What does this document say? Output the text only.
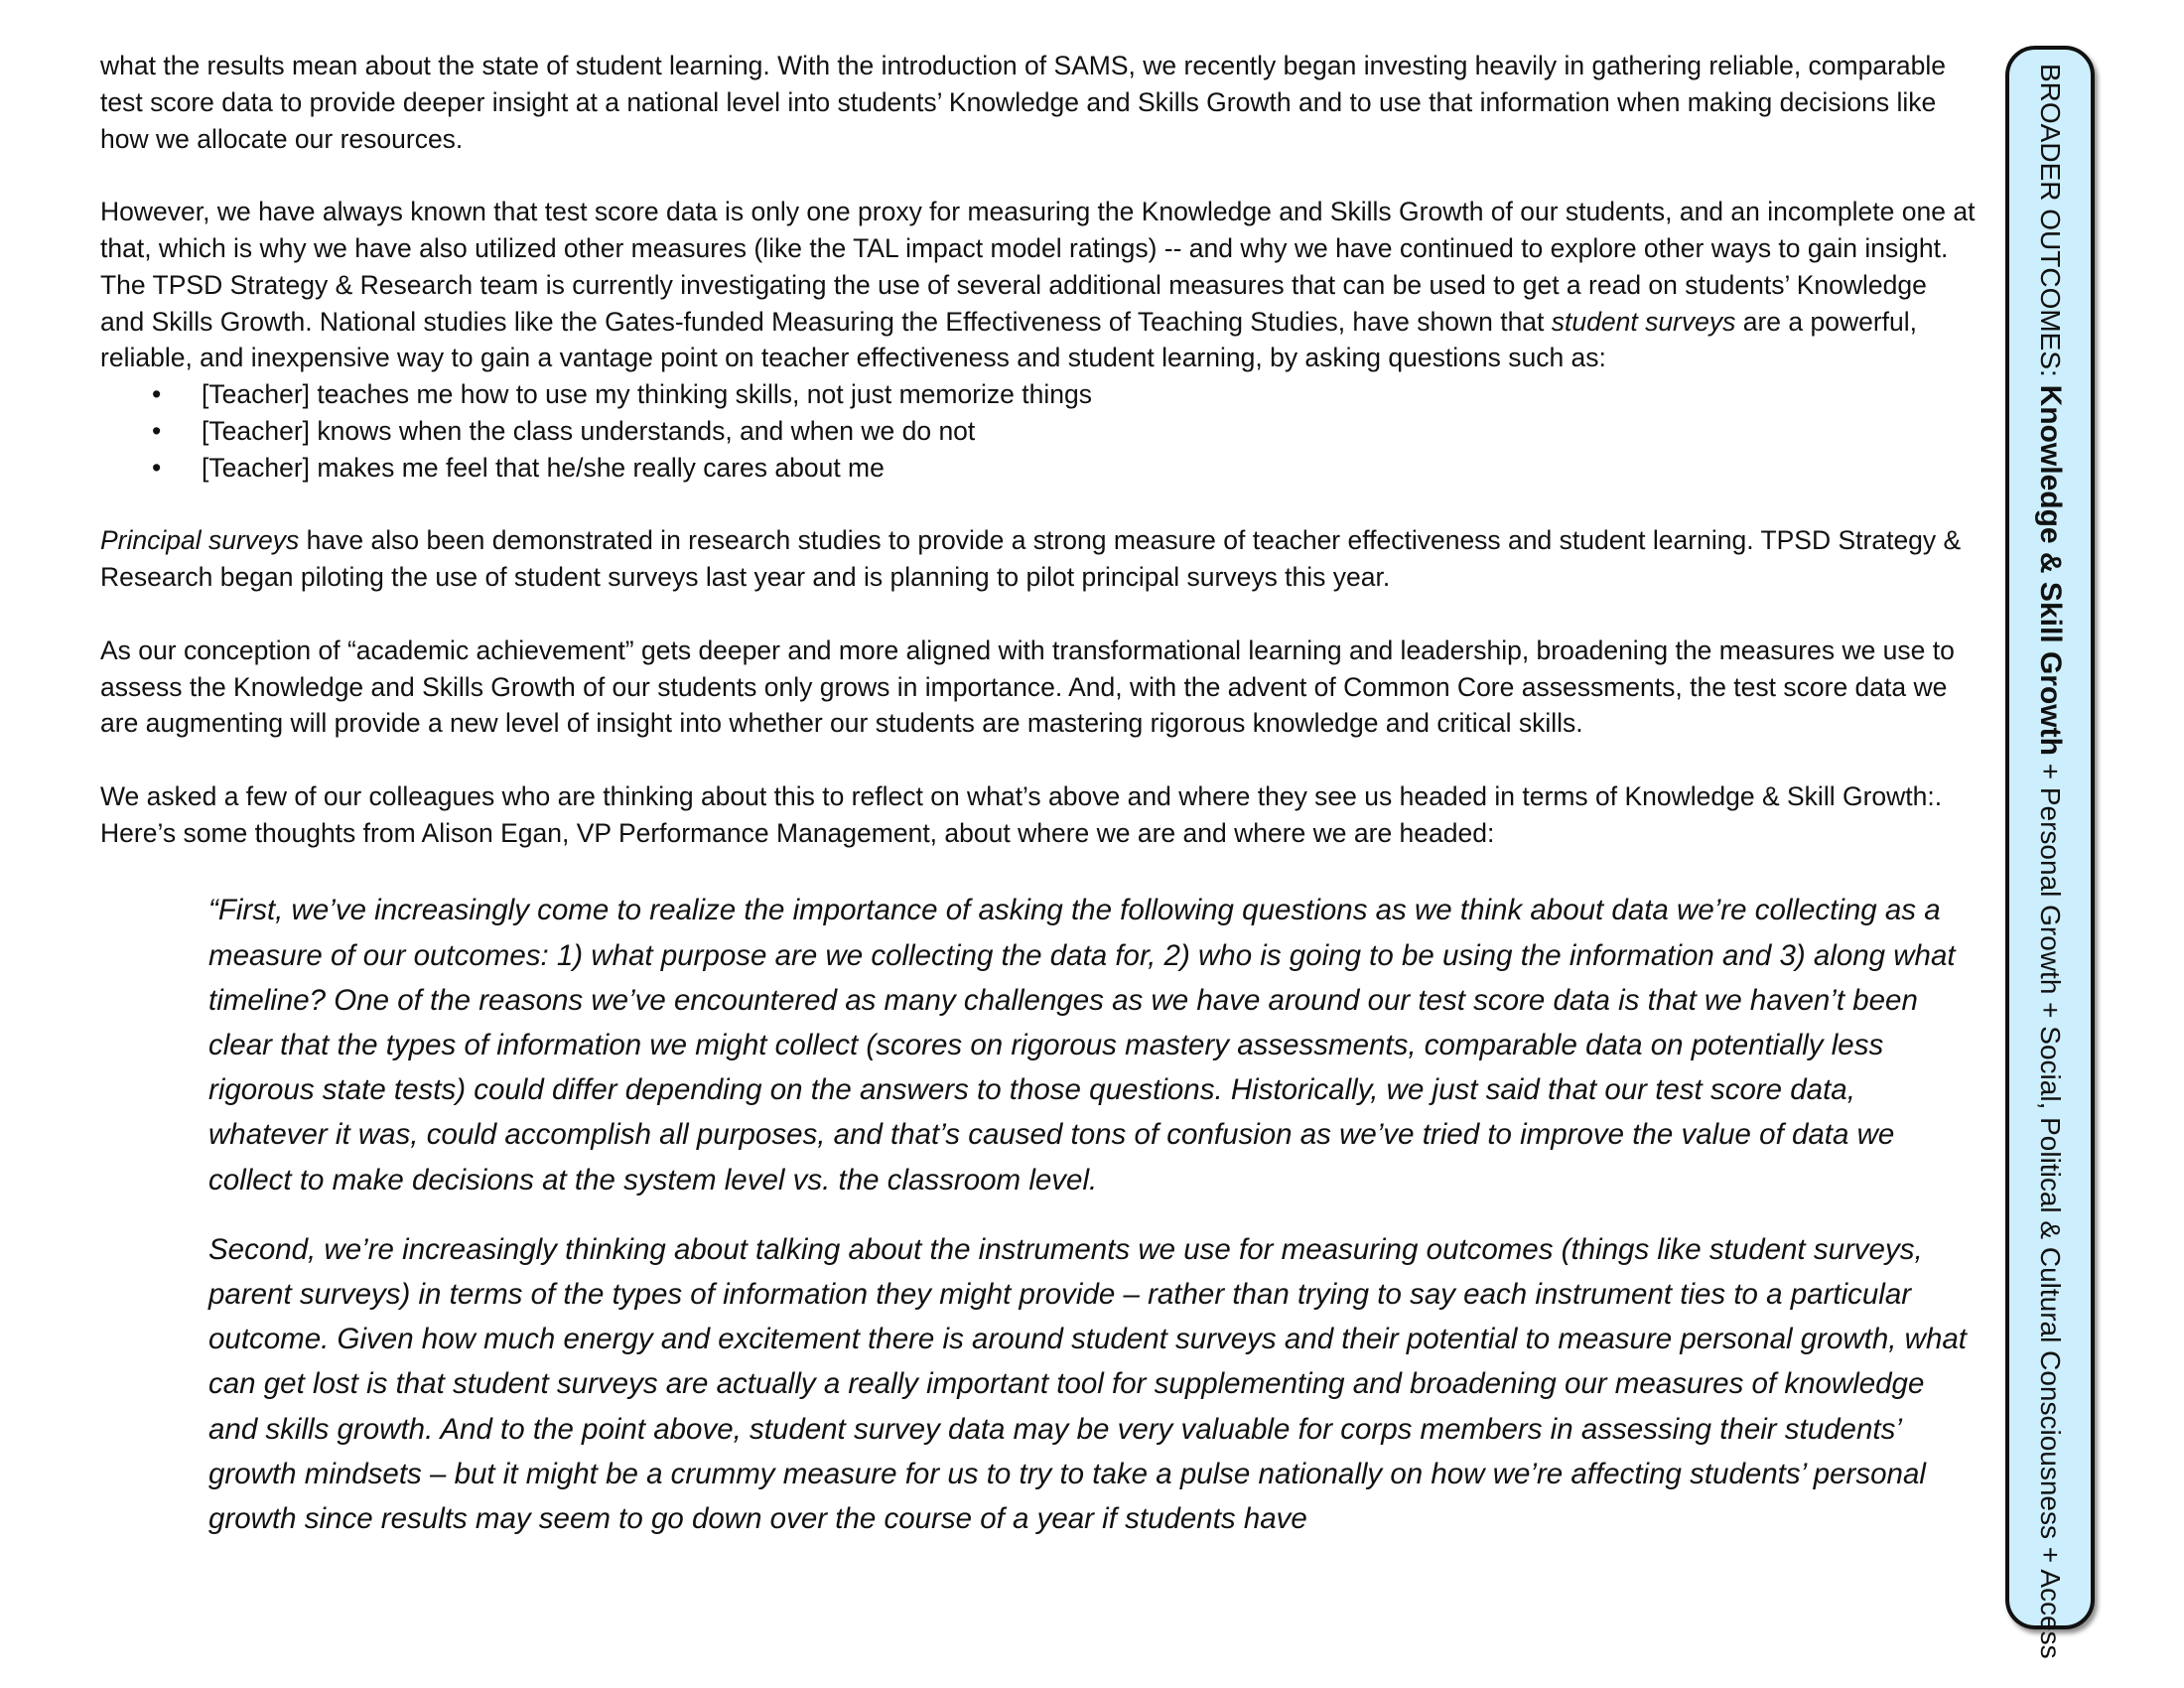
what the results mean about the state of student learning. With the introduction of SAMS, we recently began investing heavily in gathering reliable, comparable test score data to provide deeper insight at a national level into students’ Knowledge and Skills Growth and to use that information when making decisions like how we allocate our resources.

However, we have always known that test score data is only one proxy for measuring the Knowledge and Skills Growth of our students, and an incomplete one at that, which is why we have also utilized other measures (like the TAL impact model ratings) -- and why we have continued to explore other ways to gain insight. The TPSD Strategy & Research team is currently investigating the use of several additional measures that can be used to get a read on students’ Knowledge and Skills Growth. National studies like the Gates-funded Measuring the Effectiveness of Teaching Studies, have shown that student surveys are a powerful, reliable, and inexpensive way to gain a vantage point on teacher effectiveness and student learning, by asking questions such as:

• [Teacher] teaches me how to use my thinking skills, not just memorize things
• [Teacher] knows when the class understands, and when we do not
• [Teacher] makes me feel that he/she really cares about me

Principal surveys have also been demonstrated in research studies to provide a strong measure of teacher effectiveness and student learning. TPSD Strategy & Research began piloting the use of student surveys last year and is planning to pilot principal surveys this year.

As our conception of “academic achievement” gets deeper and more aligned with transformational learning and leadership, broadening the measures we use to assess the Knowledge and Skills Growth of our students only grows in importance. And, with the advent of Common Core assessments, the test score data we are augmenting will provide a new level of insight into whether our students are mastering rigorous knowledge and critical skills.

We asked a few of our colleagues who are thinking about this to reflect on what’s above and where they see us headed in terms of Knowledge & Skill Growth:. Here’s some thoughts from Alison Egan, VP Performance Management, about where we are and where we are headed:

“First, we’ve increasingly come to realize the importance of asking the following questions as we think about data we’re collecting as a measure of our outcomes: 1) what purpose are we collecting the data for, 2) who is going to be using the information and 3) along what timeline? One of the reasons we’ve encountered as many challenges as we have around our test score data is that we haven’t been clear that the types of information we might collect (scores on rigorous mastery assessments, comparable data on potentially less rigorous state tests) could differ depending on the answers to those questions. Historically, we just said that our test score data, whatever it was, could accomplish all purposes, and that’s caused tons of confusion as we’ve tried to improve the value of data we collect to make decisions at the system level vs. the classroom level.

Second, we’re increasingly thinking about talking about the instruments we use for measuring outcomes (things like student surveys, parent surveys) in terms of the types of information they might provide – rather than trying to say each instrument ties to a particular outcome. Given how much energy and excitement there is around student surveys and their potential to measure personal growth, what can get lost is that student surveys are actually a really important tool for supplementing and broadening our measures of knowledge and skills growth. And to the point above, student survey data may be very valuable for corps members in assessing their students’ growth mindsets – but it might be a crummy measure for us to try to take a pulse nationally on how we’re affecting students’ personal growth since results may seem to go down over the course of a year if students have

BROADER OUTCOMES: Knowledge & Skill Growth + Personal Growth + Social, Political & Cultural Consciousness + Access
